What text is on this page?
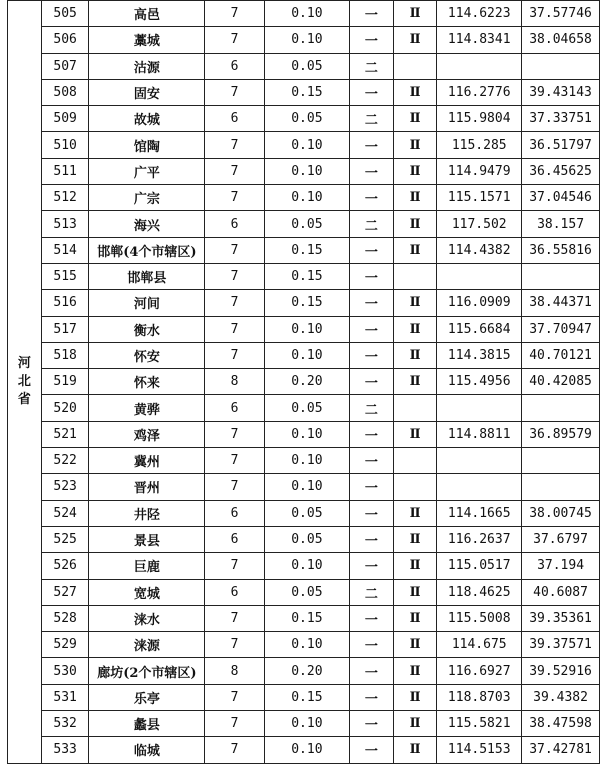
河
北
省	505	高邑	7	0.10	一	Ⅱ	114.6223	37.57746
	506	藁城	7	0.10	一	Ⅱ	114.8341	38.04658
	507	沽源	6	0.05	二			
	508	固安	7	0.15	一	Ⅱ	116.2776	39.43143
	509	故城	6	0.05	二	Ⅱ	115.9804	37.33751
	510	馆陶	7	0.10	一	Ⅱ	115.285	36.51797
	511	广平	7	0.10	一	Ⅱ	114.9479	36.45625
	512	广宗	7	0.10	一	Ⅱ	115.1571	37.04546
	513	海兴	6	0.05	二	Ⅱ	117.502	38.157
	514	邯郸(4个市辖区)	7	0.15	一	Ⅱ	114.4382	36.55816
	515	邯郸县	7	0.15	一			
	516	河间	7	0.15	一	Ⅱ	116.0909	38.44371
	517	衡水	7	0.10	一	Ⅱ	115.6684	37.70947
	518	怀安	7	0.10	一	Ⅱ	114.3815	40.70121
	519	怀来	8	0.20	一	Ⅱ	115.4956	40.42085
	520	黄骅	6	0.05	二			
	521	鸡泽	7	0.10	一	Ⅱ	114.8811	36.89579
	522	冀州	7	0.10	一			
	523	晋州	7	0.10	一			
	524	井陉	6	0.05	一	Ⅱ	114.1665	38.00745
	525	景县	6	0.05	一	Ⅱ	116.2637	37.6797
	526	巨鹿	7	0.10	一	Ⅱ	115.0517	37.194
	527	宽城	6	0.05	二	Ⅱ	118.4625	40.6087
	528	涞水	7	0.15	一	Ⅱ	115.5008	39.35361
	529	涞源	7	0.10	一	Ⅱ	114.675	39.37571
	530	廊坊(2个市辖区)	8	0.20	一	Ⅱ	116.6927	39.52916
	531	乐亭	7	0.15	一	Ⅱ	118.8703	39.4382
	532	蠡县	7	0.10	一	Ⅱ	115.5821	38.47598
	533	临城	7	0.10	一	Ⅱ	114.5153	37.42781
